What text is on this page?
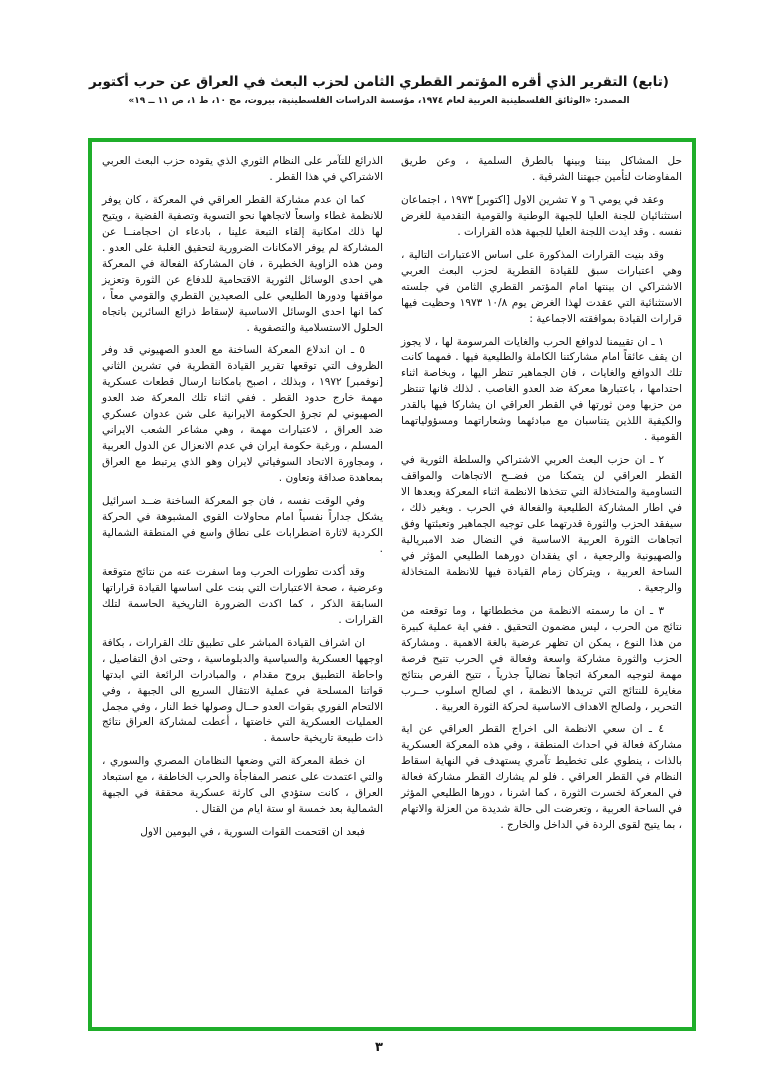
(تابع) التقرير الذي أقره المؤتمر القطري الثامن لحزب البعث في العراق عن حرب أكتوبر

المصدر: «الوثائق الفلسطينية العربية لعام ١٩٧٤، مؤسسة الدراسات الفلسطينية، بيروت، مج ١٠، ط ١، ص ١١ ــ ١٩»

حل المشاكل بيننا وبينها بالطرق السلمية ، وعن طريق المفاوضات لتأمين جبهتنا الشرقية .

وعقد في يومي ٦ و ٧ تشرين الاول [اكتوبر] ١٩٧٣ ، اجتماعان استثنائيان للجنة العليا للجبهة الوطنية والقومية التقدمية للغرض نفسه . وقد ايدت اللجنة العليا للجبهة هذه القرارات .

وقد بنيت القرارات المذكورة على اساس الاعتبارات التالية ، وهي اعتبارات سبق للقيادة القطرية لحزب البعث العربي الاشتراكي ان بينتها امام المؤتمر القطري الثامن في جلسته الاستثنائية التي عقدت لهذا الغرض يوم ١٠/٨ ١٩٧٣ وحظيت فيها قرارات القيادة بموافقته الاجماعية :

١ ـ ان تقييمنا لدوافع الحرب والغايات المرسومة لها ، لا يجوز ان يقف عائقاً امام مشاركتنا الكاملة والطليعية فيها . فمهما كانت تلك الدوافع والغايات ، فان الجماهير تنظر اليها ، وبخاصة اثناء احتدامها ، باعتبارها معركة ضد العدو الغاصب . لذلك فانها تنتظر من حزبها ومن ثورتها في القطر العراقي ان يشاركا فيها بالقدر والكيفية اللذين يتناسبان مع مبادئهما وشعاراتهما ومسؤولياتهما القومية .

٢ ـ ان حزب البعث العربي الاشتراكي والسلطة الثورية في القطر العراقي لن يتمكنا من فضــح الاتجاهات والمواقف التساومية والمتخاذلة التي تتخذها الانظمة اثناء المعركة وبعدها الا في اطار المشاركة الطليعية والفعالة في الحرب . وبغير ذلك ، سيفقد الحزب والثورة قدرتهما على توجيه الجماهير وتعبئتها وفق اتجاهات الثورة العربية الاساسية في النضال ضد الامبريالية والصهيونية والرجعية ، اي يفقدان دورهما الطليعي المؤثر في الساحة العربية ، ويتركان زمام القيادة فيها للانظمة المتخاذلة والرجعية .

٣ ـ ان ما رسمته الانظمة من مخططاتها ، وما توقعته من نتائج من الحرب ، ليس مضمون التحقيق . ففي اية عملية كبيرة من هذا النوع ، يمكن ان تظهر عرضية بالغة الاهمية . ومشاركة الحزب والثورة مشاركة واسعة وفعالة في الحرب تتيح فرصة مهمة لتوجيه المعركة اتجاهاً نضالياً جذرياً ، تتيح الفرص بنتائج مغايرة للنتائج التي تريدها الانظمة ، اي لصالح اسلوب حــرب التحرير ، ولصالح الاهداف الاساسية لحركة الثورة العربية .

٤ ـ ان سعي الانظمة الى اخراج القطر العراقي عن اية مشاركة فعالة في احداث المنطقة ، وفي هذه المعركة العسكرية بالذات ، ينطوي على تخطيط تآمري يستهدف في النهاية اسقاط النظام في القطر العراقي . فلو لم يشارك القطر مشاركة فعالة في المعركة لخسرت الثورة ، كما اشرنا ، دورها الطليعي المؤثر في الساحة العربية ، وتعرضت الى حالة شديدة من العزلة والاتهام ، بما يتيح لقوى الردة في الداخل والخارج .

الذرائع للتآمر على النظام الثوري الذي يقوده حزب البعث العربي الاشتراكي في هذا القطر .

كما ان عدم مشاركة القطر العراقي في المعركة ، كان يوفر للانظمة غطاء واسعاً لاتجاهها نحو التسوية وتصفية القضية ، ويتيح لها ذلك امكانية إلقاء التبعة علينا ، بادعاء ان احجامنــا عن المشاركة لم يوفر الامكانات الضرورية لتحقيق الغلبة على العدو . ومن هذه الزاوية الخطيرة ، فان المشاركة الفعالة في المعركة هي احدى الوسائل الثورية الاقتحامية للدفاع عن الثورة وتعزيز مواقفها ودورها الطليعي على الصعيدين القطري والقومي معاً ، كما انها احدى الوسائل الاساسية لإسقاط ذرائع السائرين باتجاه الحلول الاستسلامية والتصفوية .

٥ ـ ان اندلاع المعركة الساخنة مع العدو الصهيوني قد وفر الظروف التي توقعها تقرير القيادة القطرية في تشرين الثاني [نوفمبر] ١٩٧٢ ، وبذلك ، اصبح بامكاننا ارسال قطعات عسكرية مهمة خارج حدود القطر . ففي اثناء تلك المعركة ضد العدو الصهيوني لم تجرؤ الحكومة الايرانية على شن عدوان عسكري ضد العراق ، لاعتبارات مهمة ، وهي مشاعر الشعب الايراني المسلم ، ورغبة حكومة ايران في عدم الانعزال عن الدول العربية ، ومجاورة الاتحاد السوفياتي لايران وهو الذي يرتبط مع العراق بمعاهدة صداقة وتعاون .

وفي الوقت نفسه ، فان جو المعركة الساخنة ضــد اسرائيل يشكل جداراً نفسياً امام محاولات القوى المشبوهة في الحركة الكردية لاثارة اضطرابات على نطاق واسع في المنطقة الشمالية .

وقد أكدت تطورات الحرب وما اسفرت عنه من نتائج متوقعة وعرضية ، صحة الاعتبارات التي بنت على اساسها القيادة قراراتها السابقة الذكر ، كما اكدت الضرورة التاريخية الحاسمة لتلك القرارات .

ان اشراف القيادة المباشر على تطبيق تلك القرارات ، بكافة اوجهها العسكرية والسياسية والدبلوماسية ، وحتى ادق التفاصيل ، واحاطة التطبيق بروح مقدام ، والمبادرات الرائعة التي ابدتها قواتنا المسلحة في عملية الانتقال السريع الى الجبهة ، وفي الالتحام الفوري بقوات العدو حــال وصولها خط النار ، وفي مجمل العمليات العسكرية التي خاضتها ، أعطت لمشاركة العراق نتائج ذات طبيعة تاريخية حاسمة .

ان خطة المعركة التي وضعها النظامان المصري والسوري ، والتي اعتمدت على عنصر المفاجأة والحرب الخاطفة ، مع استبعاد العراق ، كانت ستؤدي الى كارثة عسكرية محققة في الجبهة الشمالية بعد خمسة او ستة ايام من القتال .

فبعد ان اقتحمت القوات السورية ، في اليومين الاول

٣
